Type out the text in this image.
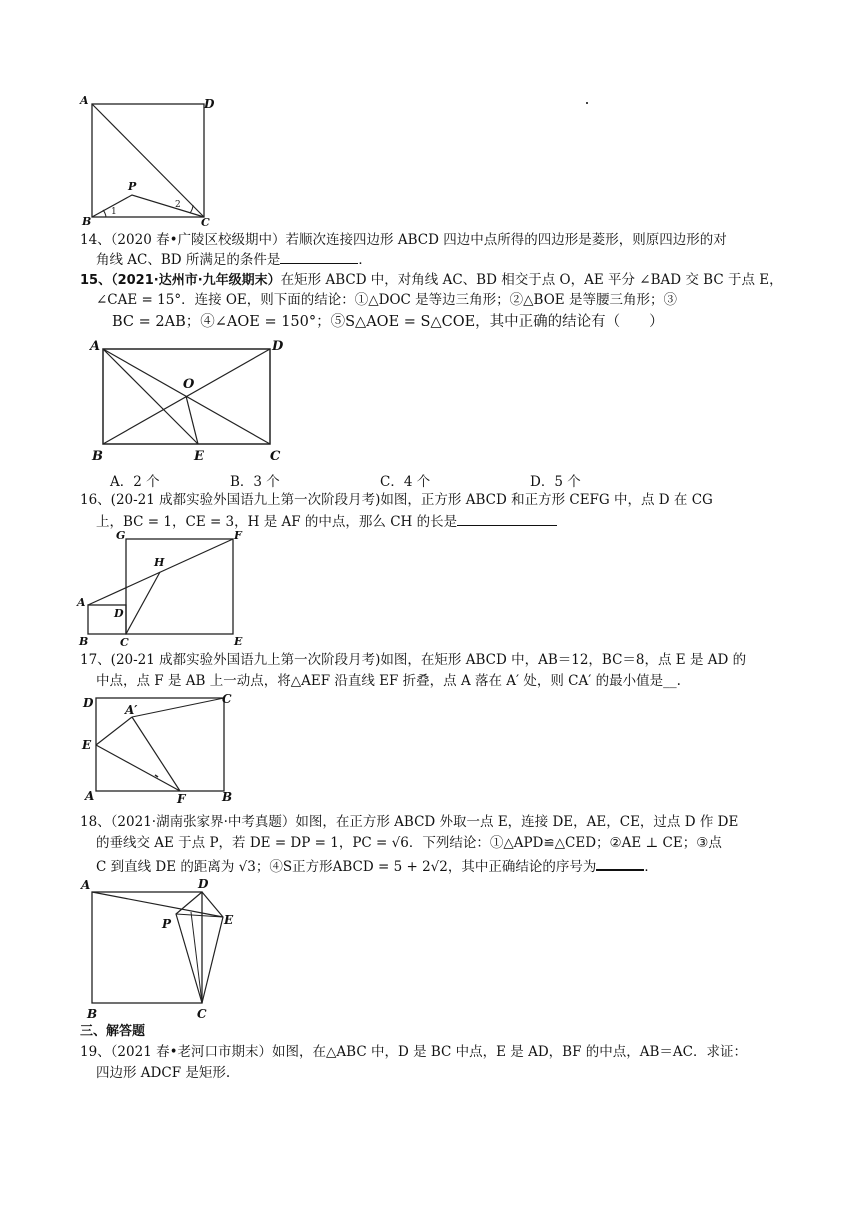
A	D
B	C
P
1
2
14、（2020 春•广陵区校级期中）若顺次连接四边形 ABCD 四边中点所得的四边形是菱形，则原四边形的对
角线 AC、BD 所满足的条件是	．
15、（2021·达州市·九年级期末）在矩形 ABCD 中，对角线 AC、BD 相交于点 O，AE 平分 ∠BAD 交 BC 于点 E，
∠CAE = 15°．连接 OE，则下面的结论：①△DOC 是等边三角形；②△BOE 是等腰三角形；③
BC = 2AB；④∠AOE = 150°；⑤S△AOE = S△COE，其中正确的结论有（　　）
A	D
O
B	E	C
A．2 个	B．3 个	C．4 个	D．5 个
16、(20-21 成都实验外国语九上第一次阶段月考)如图，正方形 ABCD 和正方形 CEFG 中，点 D 在 CG
上，BC = 1，CE = 3，H 是 AF 的中点，那么 CH 的长是
G	F
H
A
D
B	C	E
17、(20-21 成都实验外国语九上第一次阶段月考)如图，在矩形 ABCD 中，AB＝12，BC＝8，点 E 是 AD 的
中点，点 F 是 AB 上一动点，将△AEF 沿直线 EF 折叠，点 A 落在 A′ 处，则 CA′ 的最小值是__.
D	C
A′
E
A	F	B
18、（2021·湖南张家界·中考真题）如图，在正方形 ABCD 外取一点 E，连接 DE，AE，CE，过点 D 作 DE
的垂线交 AE 于点 P，若 DE = DP = 1，PC = √6．下列结论：①△APD≌△CED；②AE ⊥ CE；③点
C 到直线 DE 的距离为 √3；④S正方形ABCD = 5 + 2√2，其中正确结论的序号为	．
A	D
P	E
B	C
三、解答题
19、（2021 春•老河口市期末）如图，在△ABC 中，D 是 BC 中点，E 是 AD，BF 的中点，AB＝AC．求证：
四边形 ADCF 是矩形.
